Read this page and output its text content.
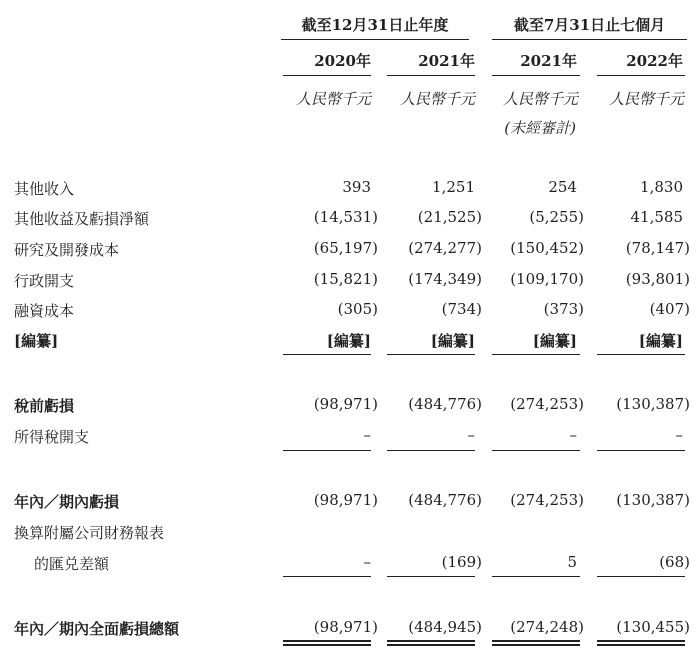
截至12月31日止年度	截至7月31日止七個月
2020年	2021年	2021年	2022年
人民幣千元	人民幣千元	人民幣千元	人民幣千元
(未經審計)
其他收入	393	1,251	254	1,830
其他收益及虧損淨額	(14,531)	(21,525)	(5,255)	41,585
研究及開發成本	(65,197)	(274,277)	(150,452)	(78,147)
行政開支	(15,821)	(174,349)	(109,170)	(93,801)
融資成本	(305)	(734)	(373)	(407)
[編纂]	[編纂]	[編纂]	[編纂]	[編纂]
稅前虧損	(98,971)	(484,776)	(274,253)	(130,387)
所得稅開支	–	–	–	–
年內／期內虧損	(98,971)	(484,776)	(274,253)	(130,387)
換算附屬公司財務報表
的匯兑差額	–	(169)	5	(68)
年內／期內全面虧損總額	(98,971)	(484,945)	(274,248)	(130,455)
